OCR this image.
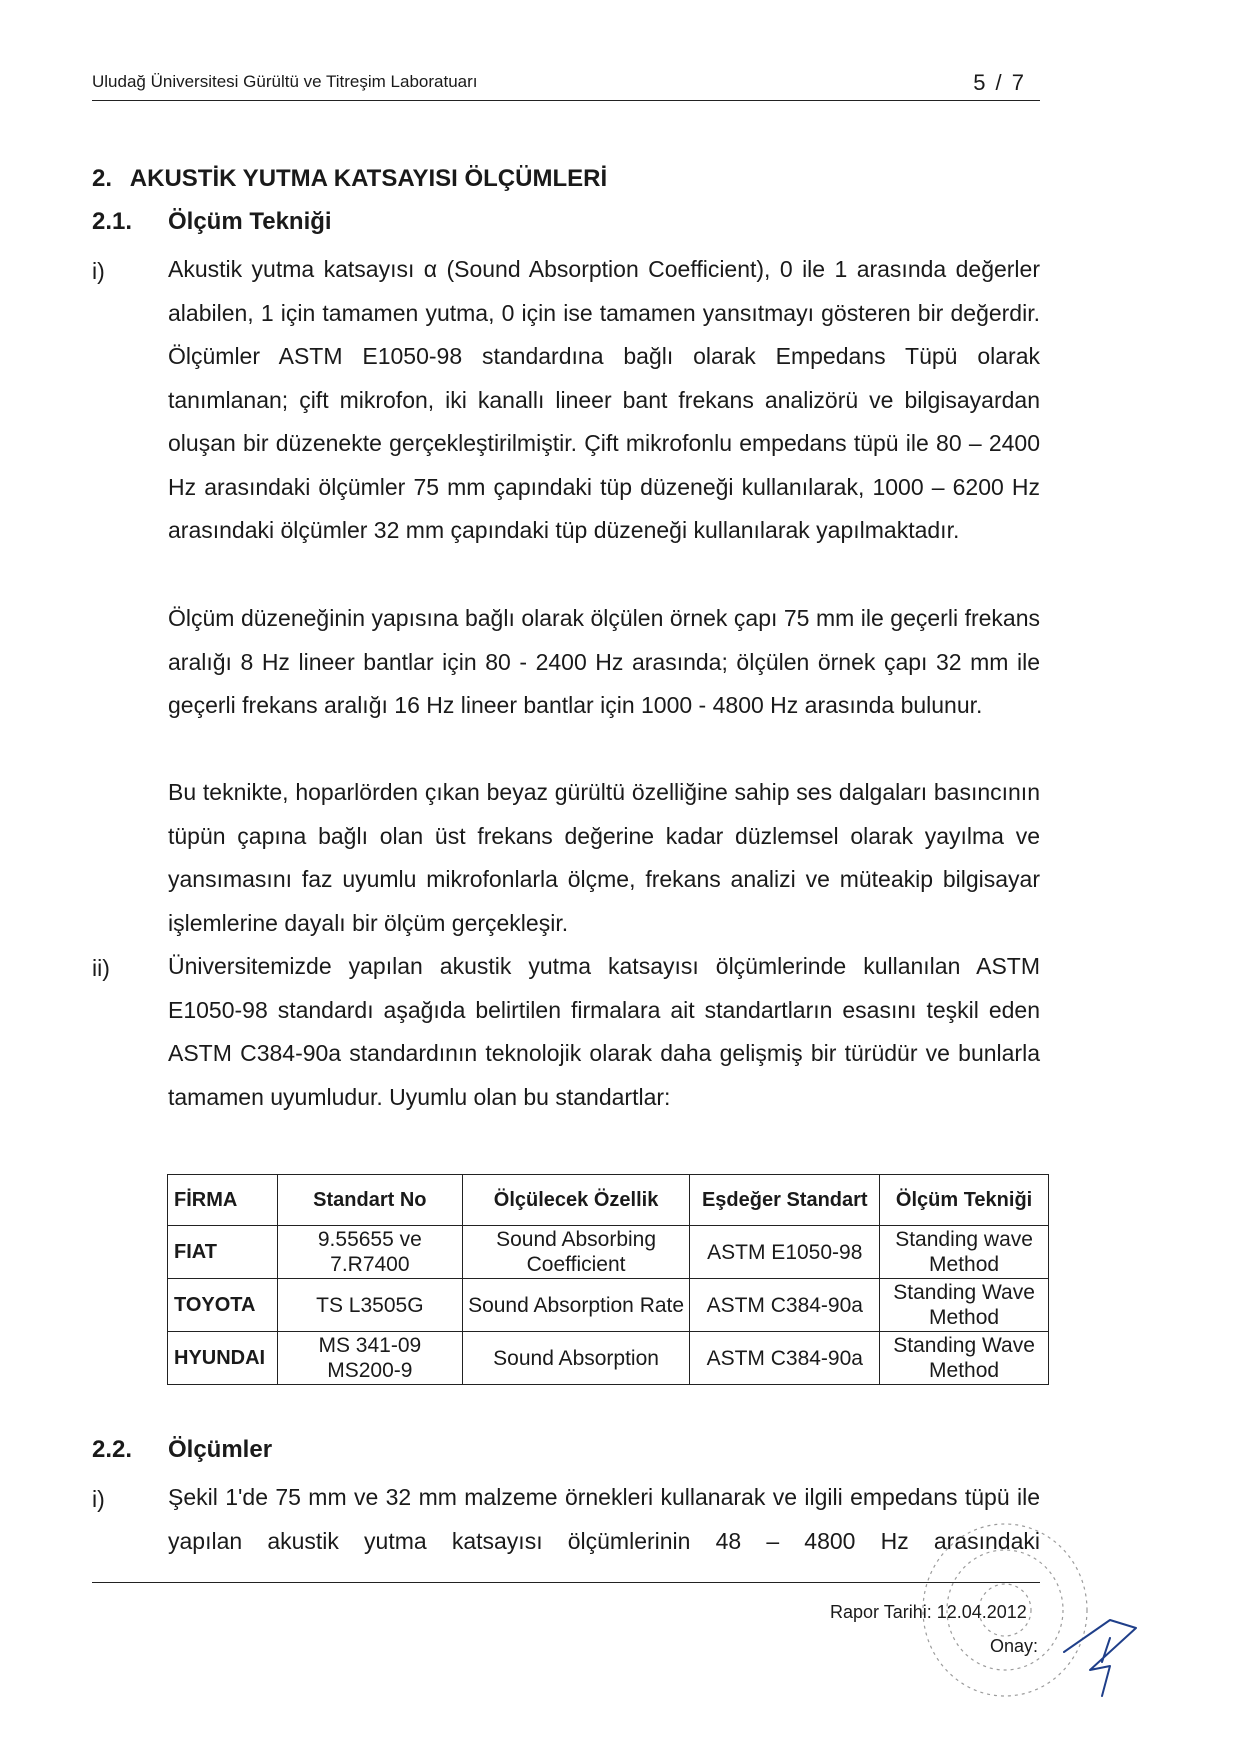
Uludağ Üniversitesi Gürültü ve Titreşim Laboratuarı	5 / 7
2. AKUSTİK YUTMA KATSAYISI ÖLÇÜMLERİ
2.1. Ölçüm Tekniği
i)	Akustik yutma katsayısı α (Sound Absorption Coefficient), 0 ile 1 arasında değerler alabilen, 1 için tamamen yutma, 0 için ise tamamen yansıtmayı gösteren bir değerdir. Ölçümler ASTM E1050-98 standardına bağlı olarak Empedans Tüpü olarak tanımlanan; çift mikrofon, iki kanallı lineer bant frekans analizörü ve bilgisayardan oluşan bir düzenekte gerçekleştirilmiştir. Çift mikrofonlu empedans tüpü ile 80 – 2400 Hz arasındaki ölçümler 75 mm çapındaki tüp düzeneği kullanılarak, 1000 – 6200 Hz arasındaki ölçümler 32 mm çapındaki tüp düzeneği kullanılarak yapılmaktadır.

Ölçüm düzeneğinin yapısına bağlı olarak ölçülen örnek çapı 75 mm ile geçerli frekans aralığı 8 Hz lineer bantlar için 80 - 2400 Hz arasında; ölçülen örnek çapı 32 mm ile geçerli frekans aralığı 16 Hz lineer bantlar için 1000 - 4800 Hz arasında bulunur.

Bu teknikte, hoparlörden çıkan beyaz gürültü özelliğine sahip ses dalgaları basıncının tüpün çapına bağlı olan üst frekans değerine kadar düzlemsel olarak yayılma ve yansımasını faz uyumlu mikrofonlarla ölçme, frekans analizi ve müteakip bilgisayar işlemlerine dayalı bir ölçüm gerçekleşir.

ii)	Üniversitemizde yapılan akustik yutma katsayısı ölçümlerinde kullanılan ASTM E1050-98 standardı aşağıda belirtilen firmalara ait standartların esasını teşkil eden ASTM C384-90a standardının teknolojik olarak daha gelişmiş bir türüdür ve bunlarla tamamen uyumludur. Uyumlu olan bu standartlar:

FİRMA	Standart No	Ölçülecek Özellik	Eşdeğer Standart	Ölçüm Tekniği
FIAT	9.55655 ve 7.R7400	Sound Absorbing Coefficient	ASTM E1050-98	Standing wave Method
TOYOTA	TS L3505G	Sound Absorption Rate	ASTM C384-90a	Standing Wave Method
HYUNDAI	MS 341-09 MS200-9	Sound Absorption	ASTM C384-90a	Standing Wave Method
2.2. Ölçümler
i)	Şekil 1'de 75 mm ve 32 mm malzeme örnekleri kullanarak ve ilgili empedans tüpü ile yapılan akustik yutma katsayısı ölçümlerinin 48 – 4800 Hz arasındaki

Rapor Tarihi: 12.04.2012
Onay:
